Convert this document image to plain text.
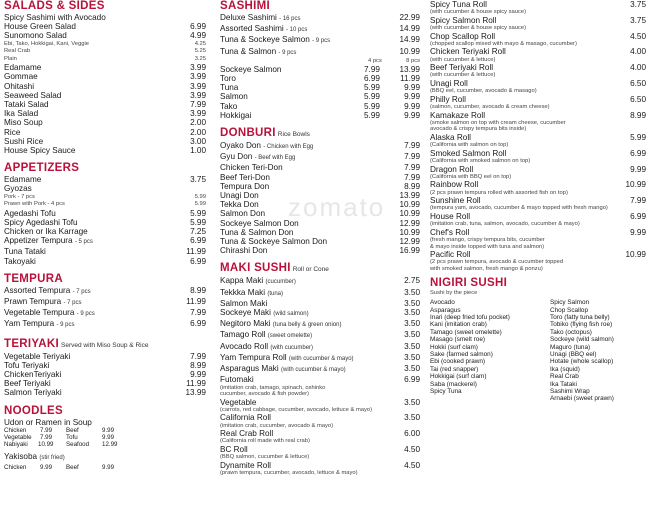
zomato
SALADS & SIDES
Spicy Sashimi with Avocado
House Green Salad	6.99
Sunomono Salad	4.99
Ebi, Tako, Hokkigai, Kani, Veggie	4.25
Real Crab	5.25
Plain	3.25
Edamame	3.99
Gommae	3.99
Ohitashi	3.99
Seaweed Salad	3.99
Tataki Salad	7.99
Ika Salad	3.99
Miso Soup	2.00
Rice	2.00
Sushi Rice	3.00
House Spicy Sauce	1.00
APPETIZERS
Edamame	3.75
Gyozas
Pork - 7 pcs	5.99
Prawn with Pork - 4 pcs	5.99
Agedashi Tofu	5.99
Spicy Agedashi Tofu	5.99
Chicken or Ika Karrage	7.25
Appetizer Tempura - 5 pcs	6.99
Tuna Tataki	11.99
Takoyaki	6.99
TEMPURA
Assorted Tempura - 7 pcs	8.99
Prawn Tempura - 7 pcs	11.99
Vegetable Tempura - 9 pcs	7.99
Yam Tempura - 9 pcs	6.99
TERIYAKI Served with Miso Soup & Rice
Vegetable Teriyaki	7.99
Tofu Teriyaki	8.99
ChickenTeriyaki	9.99
Beef Teriyaki	11.99
Salmon Teriyaki	13.99
NOODLES
Udon or Ramen in Soup
Chicken 7.99 Beef	9.99
Vegetable 7.99 Tofu	9.99
Nabiyaki 10.99 Seafood 12.99
Yakisoba (stir fried)
Chicken 9.99 Beef	9.99
SASHIMI
Deluxe Sashimi - 16 pcs	22.99
Assorted Sashimi - 10 pcs	14.99
Tuna & Sockeye Salmon - 9 pcs	14.99
Tuna & Salmon - 9 pcs	10.99
4 pcs	8 pcs
Sockeye Salmon	7.99 13.99
Toro	6.99 11.99
Tuna	5.99	9.99
Salmon	5.99	9.99
Tako	5.99	9.99
Hokkigai	5.99	9.99
DONBURI Rice Bowls
Oyako Don - Chicken with Egg	7.99
Gyu Don - Beef with Egg	7.99
Chicken Teri-Don	7.99
Beef Teri-Don	7.99
Tempura Don	8.99
Unagi Don	13.99
Tekka Don	10.99
Salmon Don	10.99
Sockeye Salmon Don	12.99
Tuna & Salmon Don	10.99
Tuna & Sockeye Salmon Don	12.99
Chirashi Don	16.99
MAKI SUSHI Roll or Cone
Kappa Maki (cucumber)	2.75
Tekkka Maki (tuna)	3.50
Salmon Maki	3.50
Sockeye Maki (wild salmon)	3.50
Negitoro Maki (tuna belly & green onion)	3.50
Tamago Roll (sweet omelette)	3.50
Avocado Roll (with cucumber)	3.50
Yam Tempura Roll (with cucumber & mayo)	3.50
Asparagus Maki (with cucumber & mayo)	3.50
Futomaki	6.99
(imitation crab, tamago, spinach, oshinko
cucumber, avocado & fish powder)
Vegetable	3.50
(carrots, red cabbage, cucumber, avocado, lettuce & mayo)
California Roll	3.50
(imitation crab, cucumber, avocado & mayo)
Real Crab Roll	6.00
(California roll made with real crab)
BC Roll	4.50
(BBQ salmon, cucumber & lettuce)
Dynamite Roll	4.50
(prawn tempura, cucumber, avocado, lettuce & mayo)
Spicy Tuna Roll	3.75
(with cucumber & house spicy sauce)
Spicy Salmon Roll	3.75
(with cucumber & house spicy sauce)
Chop Scallop Roll	4.50
(chopped scallop mixed with mayo & masago, cucumber)
Chicken Teriyaki Roll	4.00
(with cucumber & lettuce)
Beef Teriyaki Roll	4.00
(with cucumber & lettuce)
Unagi Roll	6.50
(BBQ eel, cucumber, avocado & masago)
Philly Roll	6.50
(salmon, cucumber, avocado & cream cheese)
Kamakaze Roll	8.99
(smoke salmon on top with cream cheese, cucumber
avocado & crispy tempura bits inside)
Alaska Roll	5.99
(California with salmon on top)
Smoked Salmon Roll	6.99
(California with smoked salmon on top)
Dragon Roll	9.99
(California with BBQ eel on top)
Rainbow Roll	10.99
(2 pcs prawn tempura rolled with assorted fish on top)
Sunshine Roll	7.99
(tempura yam, avocado, cucumber & mayo topped with fresh mango)
House Roll	6.99
(imitation crab, tuna, salmon, avocado, cucumber & mayo)
Chef's Roll	9.99
(fresh mango, crispy tempura bits, cucumber
& mayo inside topped with tuna and salmon)
Pacific Roll	10.99
(2 pcs prawn tempura, avocado & cucumber topped
with smoked salmon, fresh mango & ponzu)
NIGIRI SUSHI
Sushi by the piece
Avocado
Asparagus
Inari (deep fried tofu pocket)
Kani (imitation crab)
Tamago (sweet omelette)
Masago (smelt roe)
Hokki (surf clam)
Sake (farmed salmon)
Ebi (cooked prawn)
Tai (red snapper)
Hokkigai (surf clam)
Saba (mackerel)
Spicy Tuna
Spicy Salmon
Chop Scallop
Toro (fatty tuna belly)
Tobiko (flying fish roe)
Tako (octopus)
Sockeye (wild salmon)
Maguro (tuna)
Unagi (BBQ eel)
Hotate (whole scallop)
Ika (squid)
Real Crab
Ika Tataki
Sashimi Wrap
Arnaebi (sweet prawn)
